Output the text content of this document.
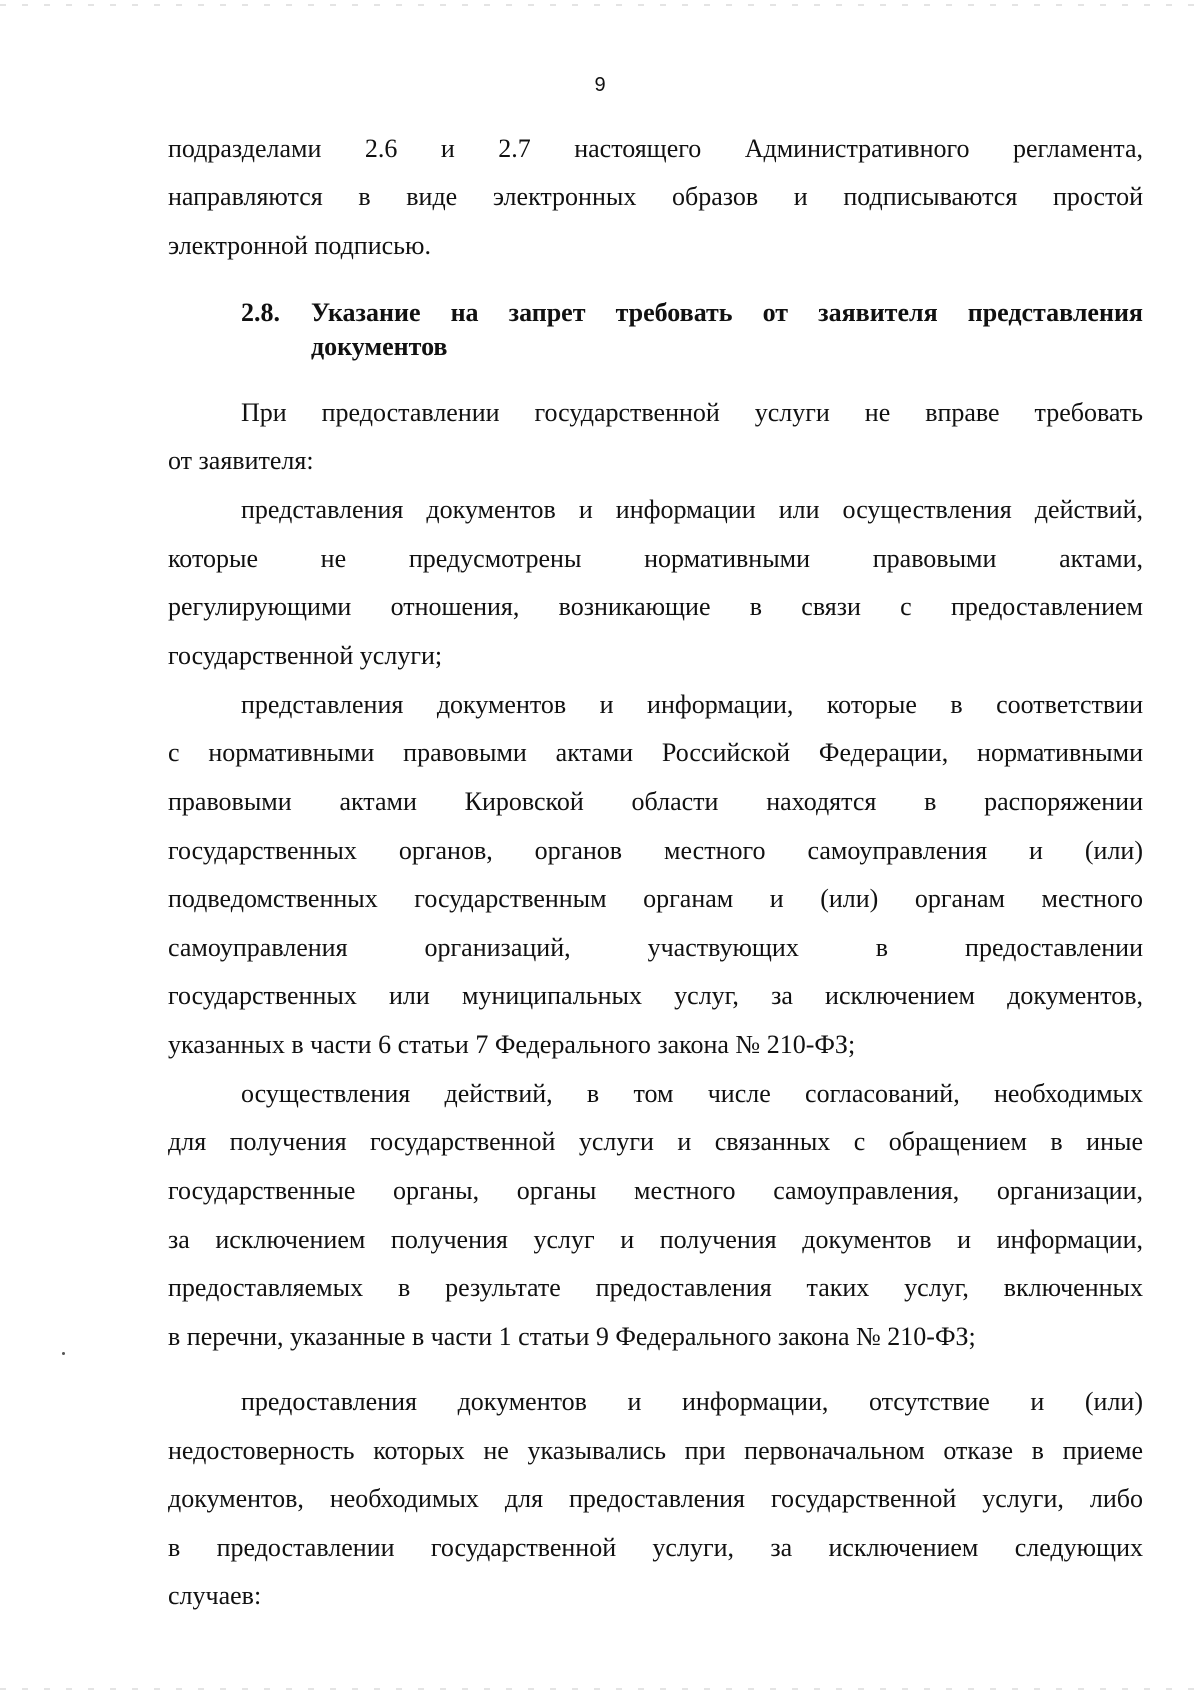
9
подразделами 2.6 и 2.7 настоящего Административного регламента,
направляются в виде электронных образов и подписываются простой
электронной подписью.
2.8.	Указание на запрет требовать от заявителя представления
документов
При предоставлении государственной услуги не вправе требовать
от заявителя:
представления документов и информации или осуществления действий,
которые не предусмотрены нормативными правовыми актами,
регулирующими отношения, возникающие в связи с предоставлением
государственной услуги;
представления документов и информации, которые в соответствии
с нормативными правовыми актами Российской Федерации, нормативными
правовыми актами Кировской области находятся в распоряжении
государственных органов, органов местного самоуправления и (или)
подведомственных государственным органам и (или) органам местного
самоуправления организаций, участвующих в предоставлении
государственных или муниципальных услуг, за исключением документов,
указанных в части 6 статьи 7 Федерального закона № 210-ФЗ;
осуществления действий, в том числе согласований, необходимых
для получения государственной услуги и связанных с обращением в иные
государственные органы, органы местного самоуправления, организации,
за исключением получения услуг и получения документов и информации,
предоставляемых в результате предоставления таких услуг, включенных
в перечни, указанные в части 1 статьи 9 Федерального закона № 210-ФЗ;
предоставления документов и информации, отсутствие и (или)
недостоверность которых не указывались при первоначальном отказе в приеме
документов, необходимых для предоставления государственной услуги, либо
в предоставлении государственной услуги, за исключением следующих
случаев:
